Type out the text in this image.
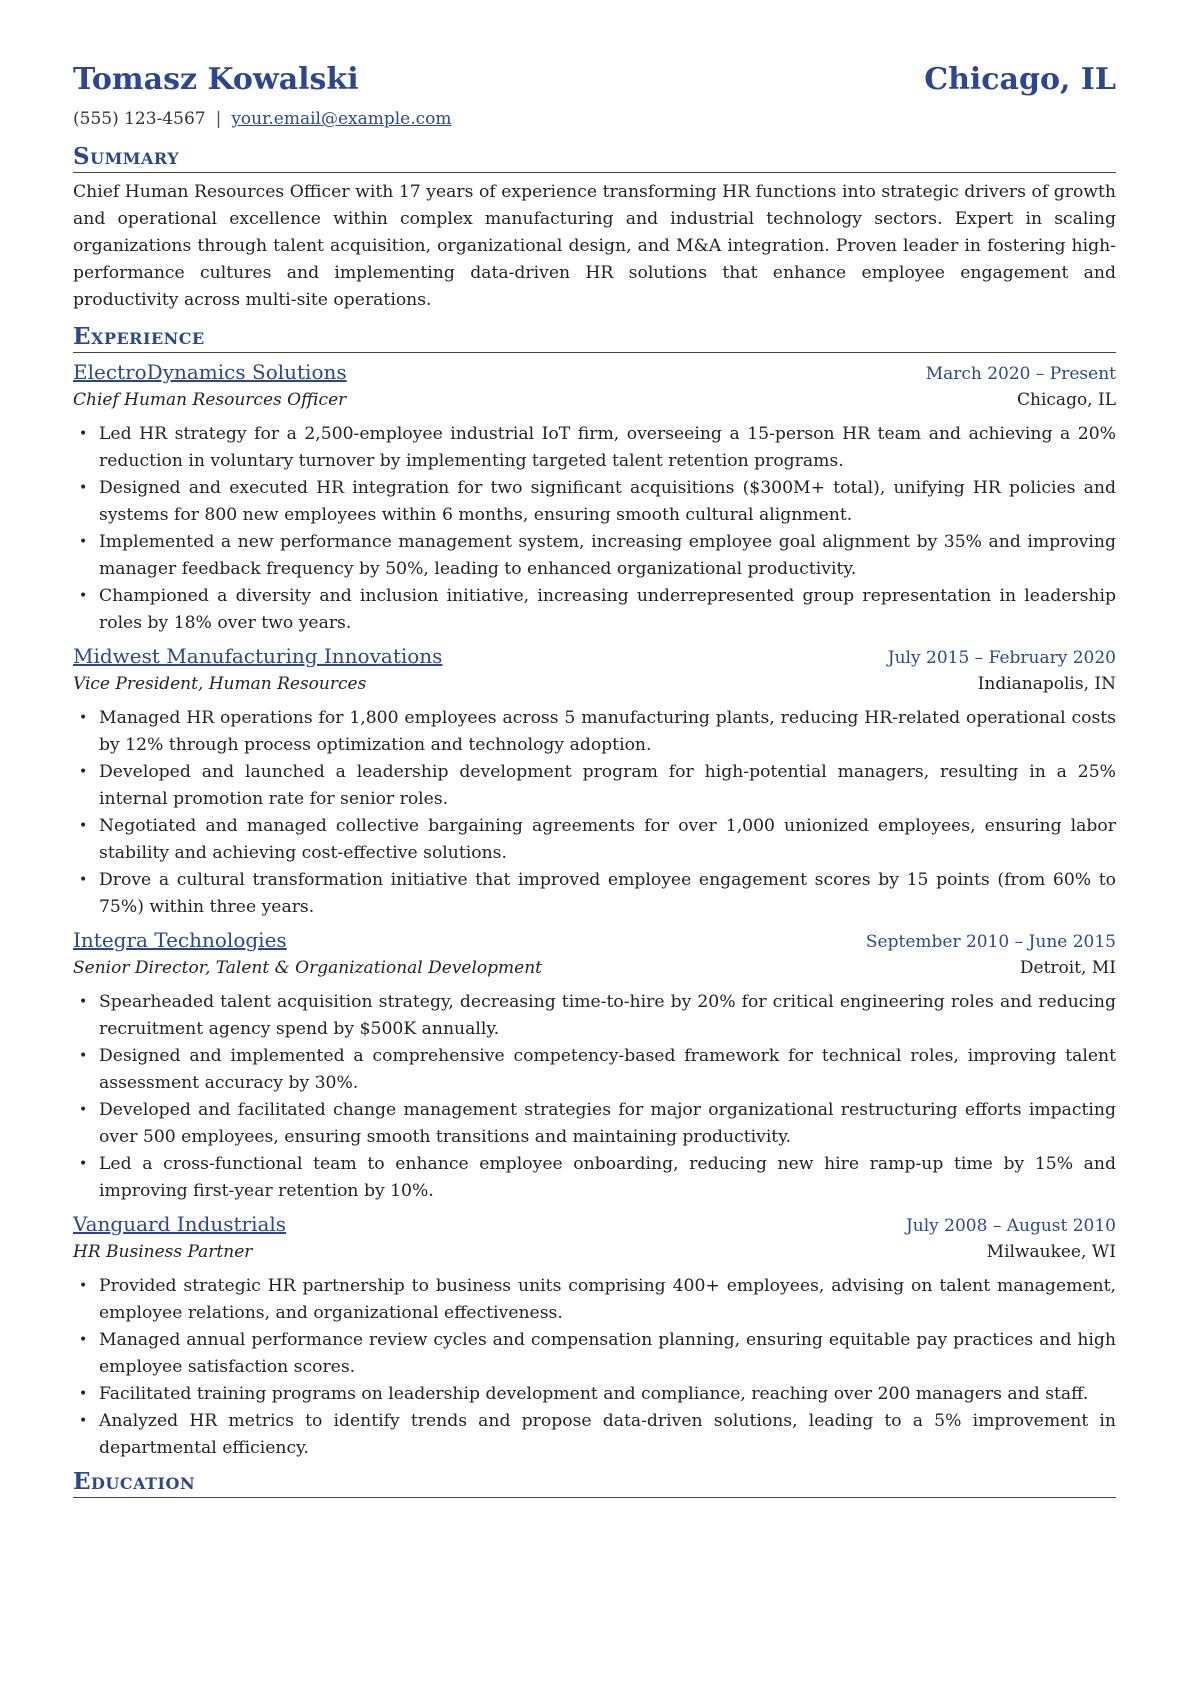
Tomasz Kowalski	Chicago, IL
(555) 123-4567 | your.email@example.com
Summary
Chief Human Resources Officer with 17 years of experience transforming HR functions into strategic drivers of growth and operational excellence within complex manufacturing and industrial technology sectors. Expert in scaling organizations through talent acquisition, organizational design, and M&A integration. Proven leader in fostering high-performance cultures and implementing data-driven HR solutions that enhance employee engagement and productivity across multi-site operations.
Experience
ElectroDynamics Solutions	March 2020 – Present
Chief Human Resources Officer	Chicago, IL
• Led HR strategy for a 2,500-employee industrial IoT firm, overseeing a 15-person HR team and achieving a 20% reduction in voluntary turnover by implementing targeted talent retention programs.
• Designed and executed HR integration for two significant acquisitions ($300M+ total), unifying HR policies and systems for 800 new employees within 6 months, ensuring smooth cultural alignment.
• Implemented a new performance management system, increasing employee goal alignment by 35% and improving manager feedback frequency by 50%, leading to enhanced organizational productivity.
• Championed a diversity and inclusion initiative, increasing underrepresented group representation in leadership roles by 18% over two years.
Midwest Manufacturing Innovations	July 2015 – February 2020
Vice President, Human Resources	Indianapolis, IN
• Managed HR operations for 1,800 employees across 5 manufacturing plants, reducing HR-related operational costs by 12% through process optimization and technology adoption.
• Developed and launched a leadership development program for high-potential managers, resulting in a 25% internal promotion rate for senior roles.
• Negotiated and managed collective bargaining agreements for over 1,000 unionized employees, ensuring labor stability and achieving cost-effective solutions.
• Drove a cultural transformation initiative that improved employee engagement scores by 15 points (from 60% to 75%) within three years.
Integra Technologies	September 2010 – June 2015
Senior Director, Talent & Organizational Development	Detroit, MI
• Spearheaded talent acquisition strategy, decreasing time-to-hire by 20% for critical engineering roles and reducing recruitment agency spend by $500K annually.
• Designed and implemented a comprehensive competency-based framework for technical roles, improving talent assessment accuracy by 30%.
• Developed and facilitated change management strategies for major organizational restructuring efforts impacting over 500 employees, ensuring smooth transitions and maintaining productivity.
• Led a cross-functional team to enhance employee onboarding, reducing new hire ramp-up time by 15% and improving first-year retention by 10%.
Vanguard Industrials	July 2008 – August 2010
HR Business Partner	Milwaukee, WI
• Provided strategic HR partnership to business units comprising 400+ employees, advising on talent management, employee relations, and organizational effectiveness.
• Managed annual performance review cycles and compensation planning, ensuring equitable pay practices and high employee satisfaction scores.
• Facilitated training programs on leadership development and compliance, reaching over 200 managers and staff.
• Analyzed HR metrics to identify trends and propose data-driven solutions, leading to a 5% improvement in departmental efficiency.
Education
